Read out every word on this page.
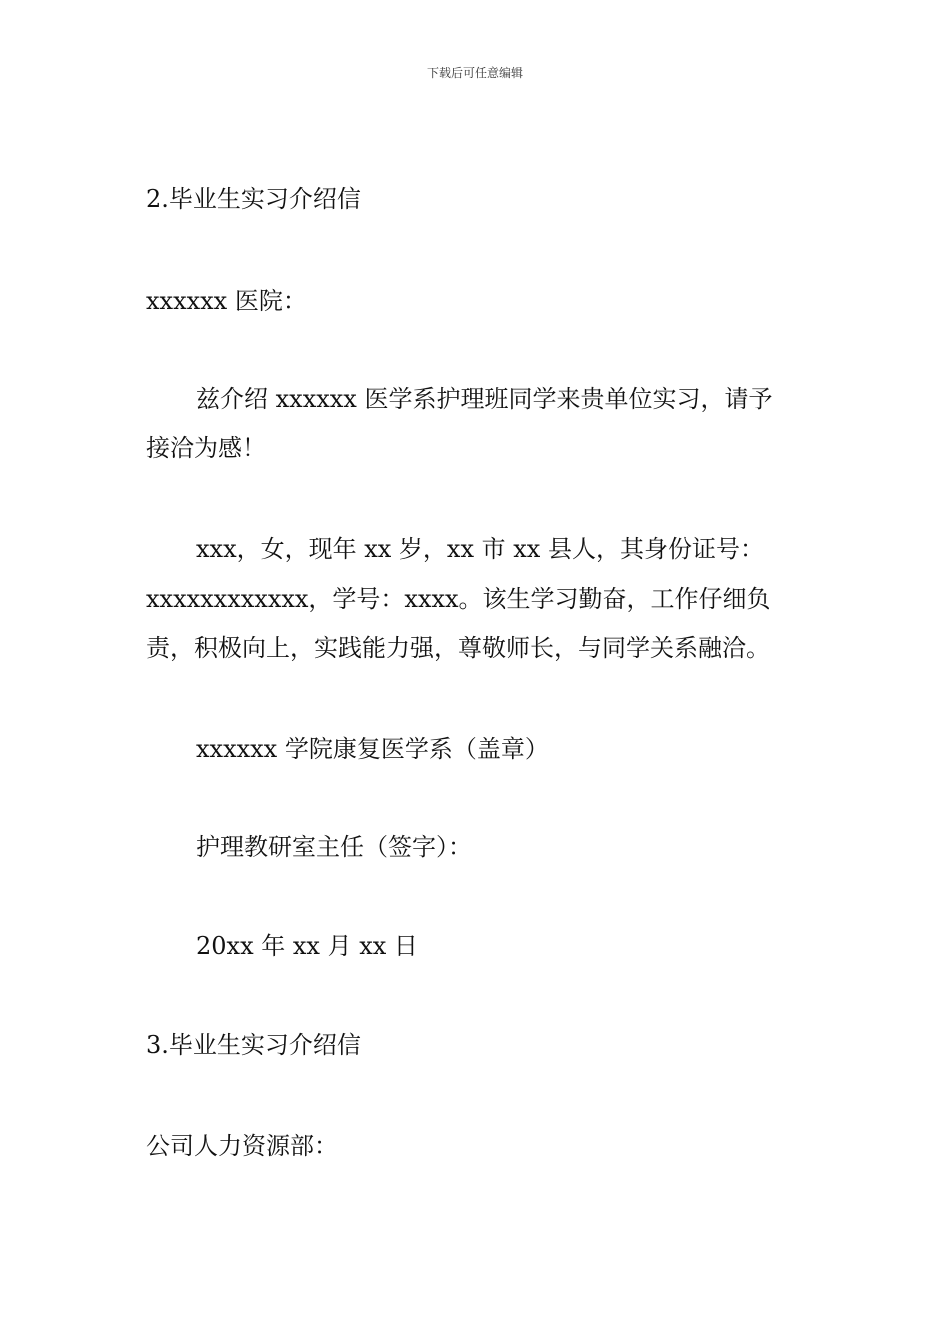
下载后可任意编辑
2.毕业生实习介绍信
xxxxxx 医院：
兹介绍 xxxxxx 医学系护理班同学来贵单位实习，请予
接洽为感！
xxx，女，现年 xx 岁，xx 市 xx 县人，其身份证号：
xxxxxxxxxxxx，学号：xxxx。该生学习勤奋，工作仔细负
责，积极向上，实践能力强，尊敬师长，与同学关系融洽。
xxxxxx 学院康复医学系（盖章）
护理教研室主任（签字）：
20xx 年 xx 月 xx 日
3.毕业生实习介绍信
公司人力资源部：
